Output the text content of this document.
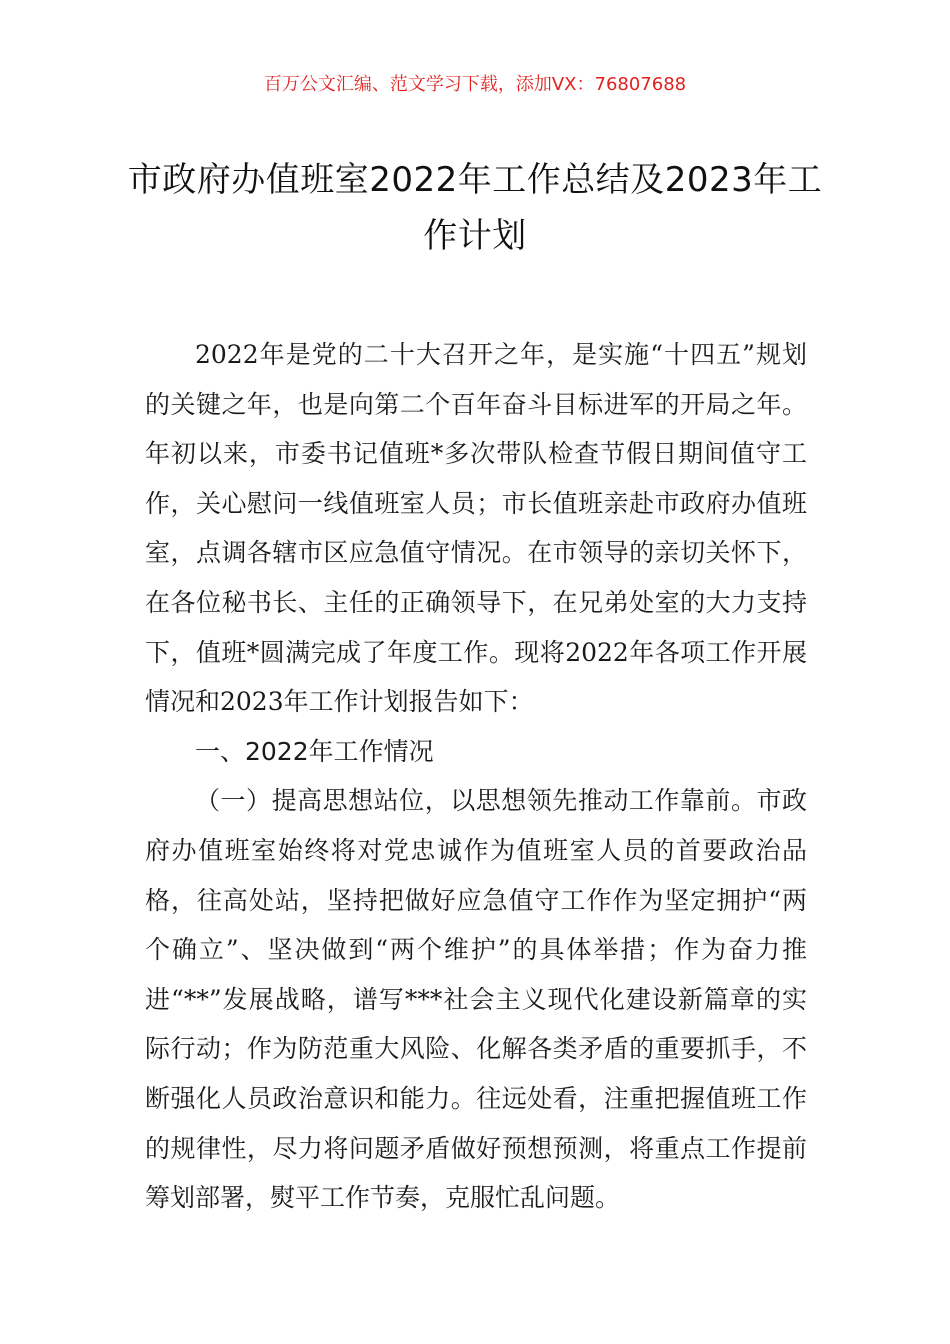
百万公文汇编、范文学习下载，添加VX：76807688
市政府办值班室2022年工作总结及2023年工作计划

2022年是党的二十大召开之年，是实施“十四五”规划的关键之年，也是向第二个百年奋斗目标进军的开局之年。年初以来，市委书记值班*多次带队检查节假日期间值守工作，关心慰问一线值班室人员；市长值班亲赴市政府办值班室，点调各辖市区应急值守情况。在市领导的亲切关怀下，在各位秘书长、主任的正确领导下，在兄弟处室的大力支持下，值班*圆满完成了年度工作。现将2022年各项工作开展情况和2023年工作计划报告如下：

一、2022年工作情况

（一）提高思想站位，以思想领先推动工作靠前。市政府办值班室始终将对党忠诚作为值班室人员的首要政治品格，往高处站，坚持把做好应急值守工作作为坚定拥护“两个确立”、坚决做到“两个维护”的具体举措；作为奋力推进“**”发展战略，谱写***社会主义现代化建设新篇章的实际行动；作为防范重大风险、化解各类矛盾的重要抓手，不断强化人员政治意识和能力。往远处看，注重把握值班工作的规律性，尽力将问题矛盾做好预想预测，将重点工作提前筹划部署，熨平工作节奏，克服忙乱问题。
